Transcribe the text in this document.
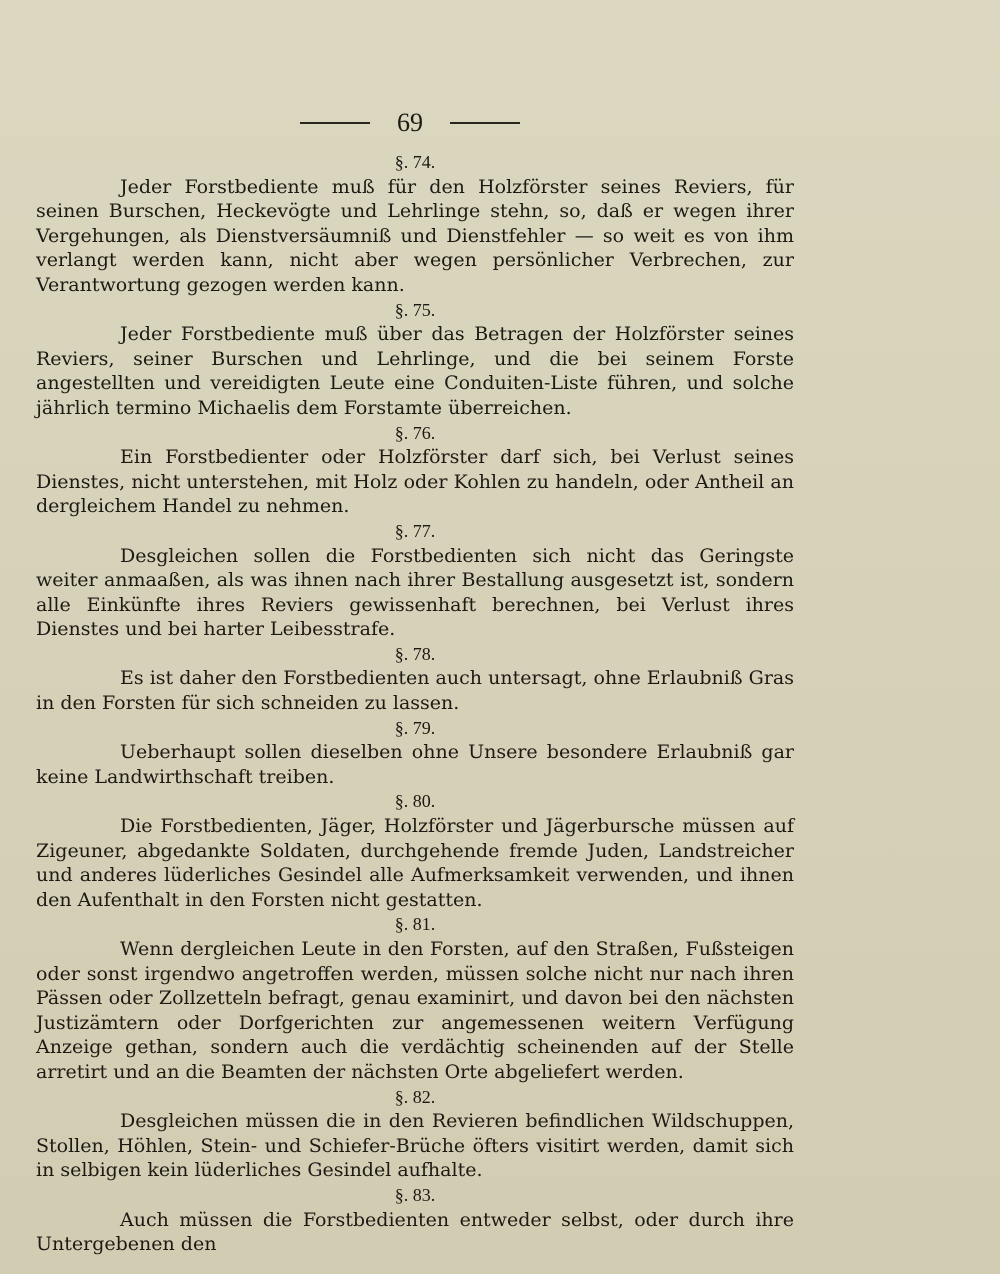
69

§. 74.

Jeder Forstbediente muß für den Holzförster seines Reviers, für seinen Burschen, Heckevögte und Lehrlinge stehn, so, daß er wegen ihrer Vergehungen, als Dienstversäumniß und Dienstfehler — so weit es von ihm verlangt werden kann, nicht aber wegen persönlicher Verbrechen, zur Verantwortung gezogen werden kann.

§. 75.

Jeder Forstbediente muß über das Betragen der Holzförster seines Reviers, seiner Burschen und Lehrlinge, und die bei seinem Forste angestellten und vereidigten Leute eine Conduiten-Liste führen, und solche jährlich termino Michaelis dem Forstamte überreichen.

§. 76.

Ein Forstbedienter oder Holzförster darf sich, bei Verlust seines Dienstes, nicht unterstehen, mit Holz oder Kohlen zu handeln, oder Antheil an dergleichem Handel zu nehmen.

§. 77.

Desgleichen sollen die Forstbedienten sich nicht das Geringste weiter anmaaßen, als was ihnen nach ihrer Bestallung ausgesetzt ist, sondern alle Einkünfte ihres Reviers gewissenhaft berechnen, bei Verlust ihres Dienstes und bei harter Leibesstrafe.

§. 78.

Es ist daher den Forstbedienten auch untersagt, ohne Erlaubniß Gras in den Forsten für sich schneiden zu lassen.

§. 79.

Ueberhaupt sollen dieselben ohne Unsere besondere Erlaubniß gar keine Landwirthschaft treiben.

§. 80.

Die Forstbedienten, Jäger, Holzförster und Jägerbursche müssen auf Zigeuner, abgedankte Soldaten, durchgehende fremde Juden, Landstreicher und anderes lüderliches Gesindel alle Aufmerksamkeit verwenden, und ihnen den Aufenthalt in den Forsten nicht gestatten.

§. 81.

Wenn dergleichen Leute in den Forsten, auf den Straßen, Fußsteigen oder sonst irgendwo angetroffen werden, müssen solche nicht nur nach ihren Pässen oder Zollzetteln befragt, genau examinirt, und davon bei den nächsten Justizämtern oder Dorfgerichten zur angemessenen weitern Verfügung Anzeige gethan, sondern auch die verdächtig scheinenden auf der Stelle arretirt und an die Beamten der nächsten Orte abgeliefert werden.

§. 82.

Desgleichen müssen die in den Revieren befindlichen Wildschuppen, Stollen, Höhlen, Stein- und Schiefer-Brüche öfters visitirt werden, damit sich in selbigen kein lüderliches Gesindel aufhalte.

§. 83.

Auch müssen die Forstbedienten entweder selbst, oder durch ihre Untergebenen den
